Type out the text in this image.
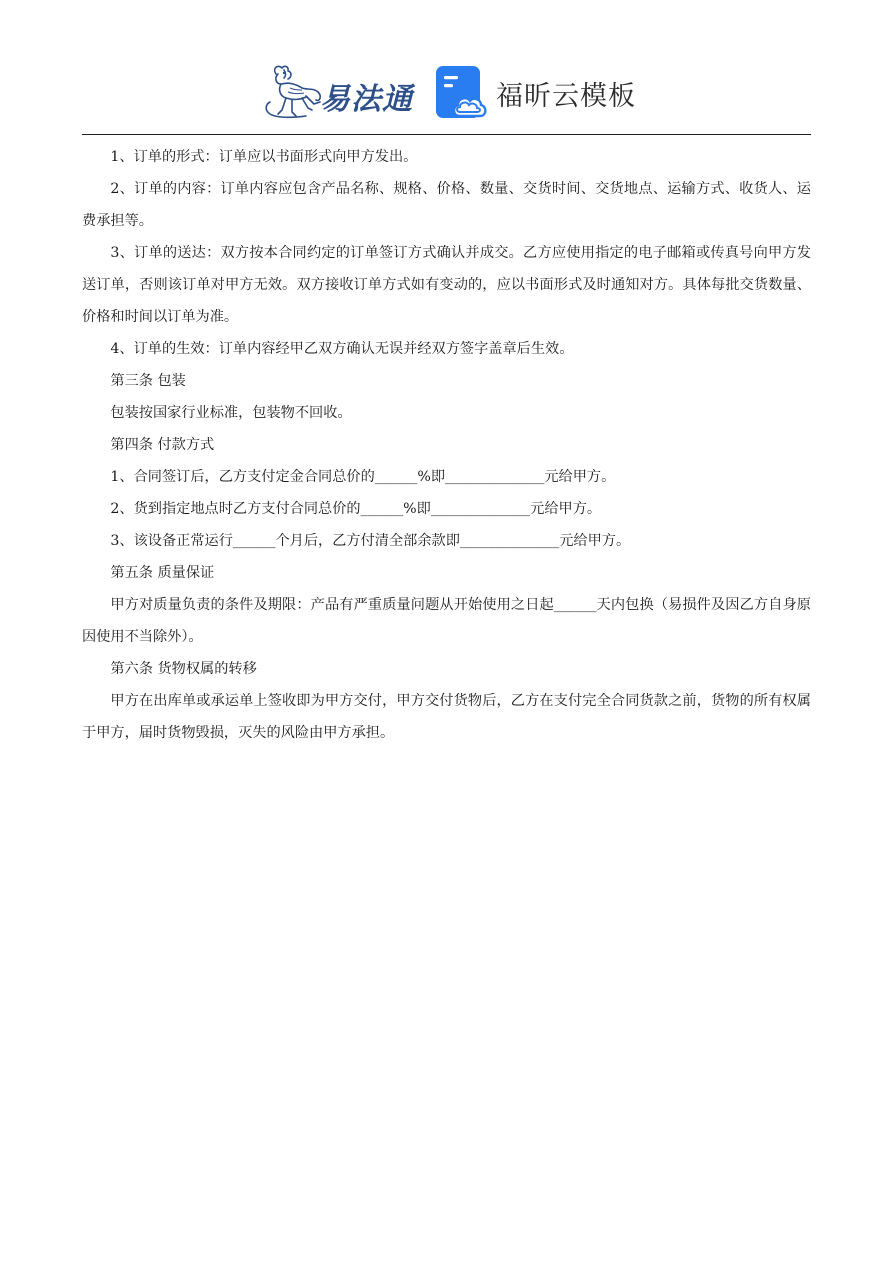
易法通	福昕云模板

1、订单的形式：订单应以书面形式向甲方发出。

2、订单的内容：订单内容应包含产品名称、规格、价格、数量、交货时间、交货地点、运输方式、收货人、运费承担等。

3、订单的送达：双方按本合同约定的订单签订方式确认并成交。乙方应使用指定的电子邮箱或传真号向甲方发送订单，否则该订单对甲方无效。双方接收订单方式如有变动的，应以书面形式及时通知对方。具体每批交货数量、价格和时间以订单为准。

4、订单的生效：订单内容经甲乙双方确认无误并经双方签字盖章后生效。

第三条 包装

包装按国家行业标准，包装物不回收。

第四条 付款方式

1、合同签订后，乙方支付定金合同总价的______%即______________元给甲方。

2、货到指定地点时乙方支付合同总价的______%即______________元给甲方。

3、该设备正常运行______个月后，乙方付清全部余款即______________元给甲方。

第五条 质量保证

甲方对质量负责的条件及期限：产品有严重质量问题从开始使用之日起______天内包换（易损件及因乙方自身原因使用不当除外）。

第六条 货物权属的转移

甲方在出库单或承运单上签收即为甲方交付，甲方交付货物后，乙方在支付完全合同货款之前，货物的所有权属于甲方，届时货物毁损，灭失的风险由甲方承担。
